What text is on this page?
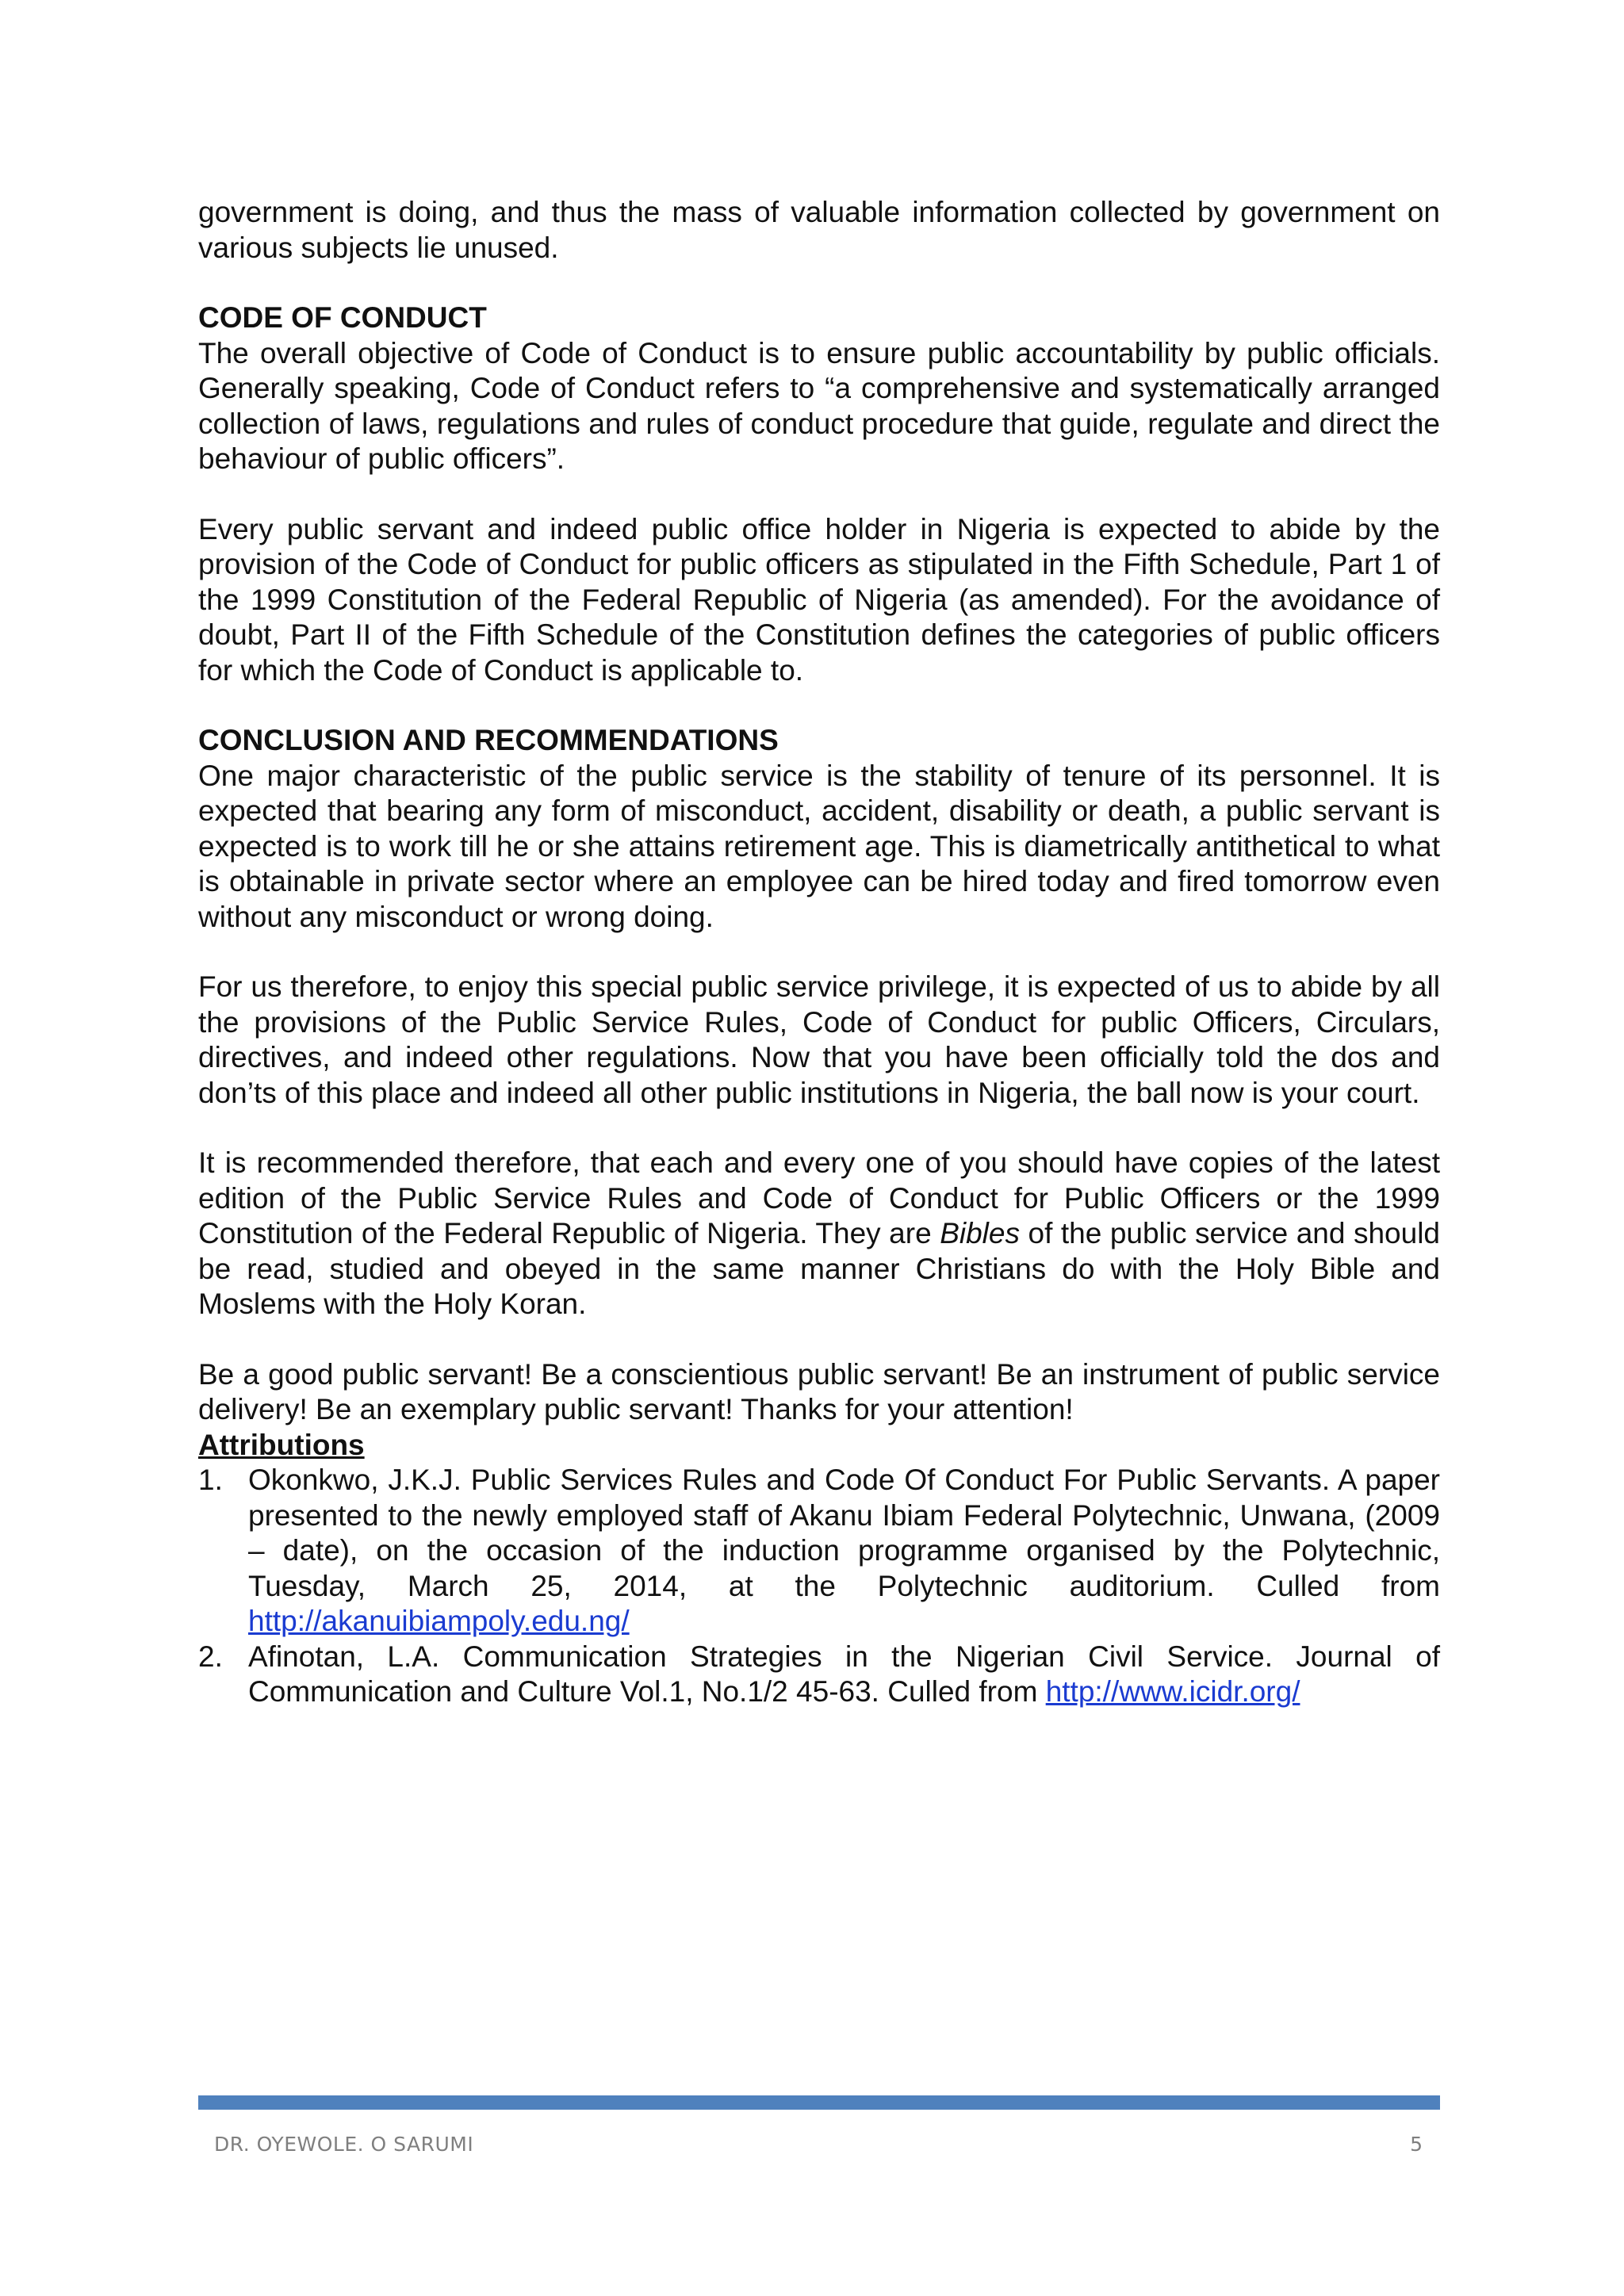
government is doing, and thus the mass of valuable information collected by government on various subjects lie unused.

CODE OF CONDUCT

The overall objective of Code of Conduct is to ensure public accountability by public officials. Generally speaking, Code of Conduct refers to “a comprehensive and systematically arranged collection of laws, regulations and rules of conduct procedure that guide, regulate and direct the behaviour of public officers”.

Every public servant and indeed public office holder in Nigeria is expected to abide by the provision of the Code of Conduct for public officers as stipulated in the Fifth Schedule, Part 1 of the 1999 Constitution of the Federal Republic of Nigeria (as amended). For the avoidance of doubt, Part II of the Fifth Schedule of the Constitution defines the categories of public officers for which the Code of Conduct is applicable to.

CONCLUSION AND RECOMMENDATIONS

One major characteristic of the public service is the stability of tenure of its personnel. It is expected that bearing any form of misconduct, accident, disability or death, a public servant is expected is to work till he or she attains retirement age. This is diametrically antithetical to what is obtainable in private sector where an employee can be hired today and fired tomorrow even without any misconduct or wrong doing.

For us therefore, to enjoy this special public service privilege, it is expected of us to abide by all the provisions of the Public Service Rules, Code of Conduct for public Officers, Circulars, directives, and indeed other regulations. Now that you have been officially told the dos and don’ts of this place and indeed all other public institutions in Nigeria, the ball now is your court.

It is recommended therefore, that each and every one of you should have copies of the latest edition of the Public Service Rules and Code of Conduct for Public Officers or the 1999 Constitution of the Federal Republic of Nigeria. They are Bibles of the public service and should be read, studied and obeyed in the same manner Christians do with the Holy Bible and Moslems with the Holy Koran.

Be a good public servant! Be a conscientious public servant! Be an instrument of public service delivery! Be an exemplary public servant! Thanks for your attention!

Attributions
1. Okonkwo, J.K.J. Public Services Rules and Code Of Conduct For Public Servants. A paper presented to the newly employed staff of Akanu Ibiam Federal Polytechnic, Unwana, (2009 – date), on the occasion of the induction programme organised by the Polytechnic, Tuesday, March 25, 2014, at the Polytechnic auditorium. Culled from http://akanuibiampoly.edu.ng/
2. Afinotan, L.A. Communication Strategies in the Nigerian Civil Service. Journal of Communication and Culture Vol.1, No.1/2 45-63. Culled from http://www.icidr.org/
DR. OYEWOLE. O SARUMI	5
